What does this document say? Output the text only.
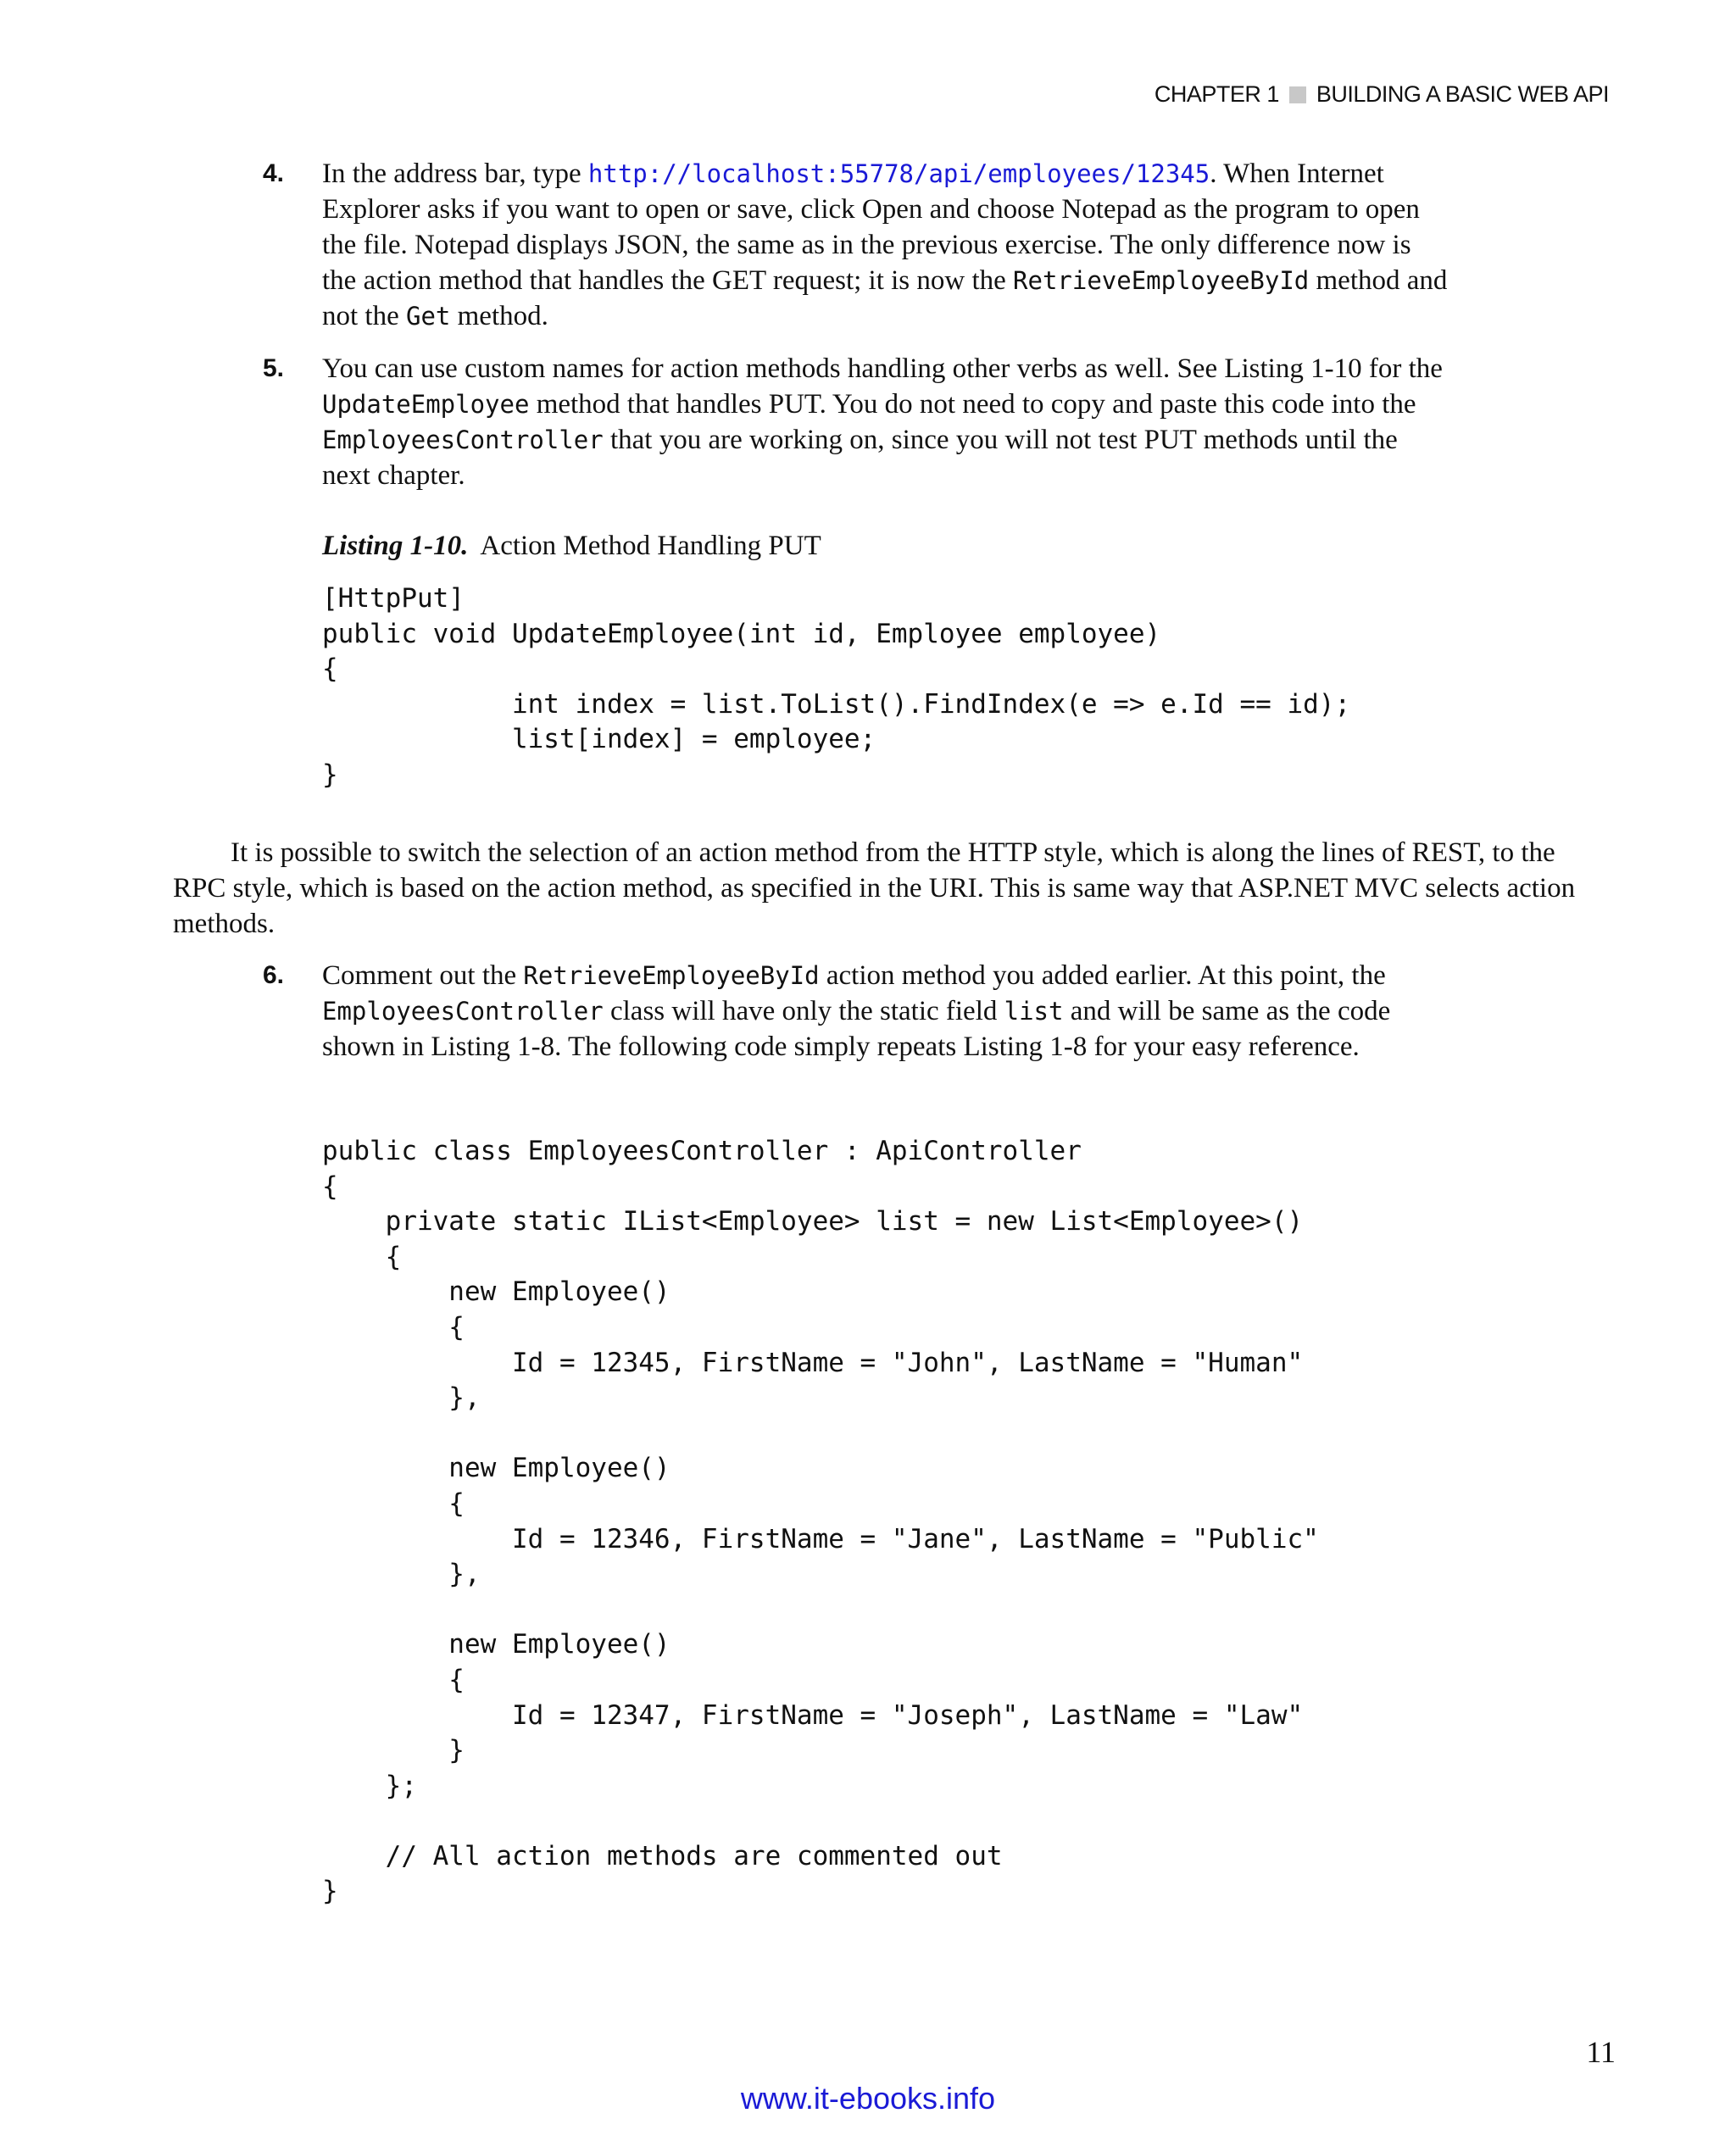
CHAPTER 1 BUILDING A BASIC WEB API
4. In the address bar, type http://localhost:55778/api/employees/12345. When Internet Explorer asks if you want to open or save, click Open and choose Notepad as the program to open the file. Notepad displays JSON, the same as in the previous exercise. The only difference now is the action method that handles the GET request; it is now the RetrieveEmployeeById method and not the Get method.
5. You can use custom names for action methods handling other verbs as well. See Listing 1-10 for the UpdateEmployee method that handles PUT. You do not need to copy and paste this code into the EmployeesController that you are working on, since you will not test PUT methods until the next chapter.
Listing 1-10. Action Method Handling PUT
[HttpPut]
public void UpdateEmployee(int id, Employee employee)
{
int index = list.ToList().FindIndex(e => e.Id == id);
list[index] = employee;
}
It is possible to switch the selection of an action method from the HTTP style, which is along the lines of REST, to the RPC style, which is based on the action method, as specified in the URI. This is same way that ASP.NET MVC selects action methods.
6. Comment out the RetrieveEmployeeById action method you added earlier. At this point, the EmployeesController class will have only the static field list and will be same as the code shown in Listing 1-8. The following code simply repeats Listing 1-8 for your easy reference.
public class EmployeesController : ApiController
{
private static IList<Employee> list = new List<Employee>()
{
new Employee()
{
Id = 12345, FirstName = "John", LastName = "Human"
},

new Employee()
{
Id = 12346, FirstName = "Jane", LastName = "Public"
},

new Employee()
{
Id = 12347, FirstName = "Joseph", LastName = "Law"
}
};

// All action methods are commented out
}
11
www.it-ebooks.info
